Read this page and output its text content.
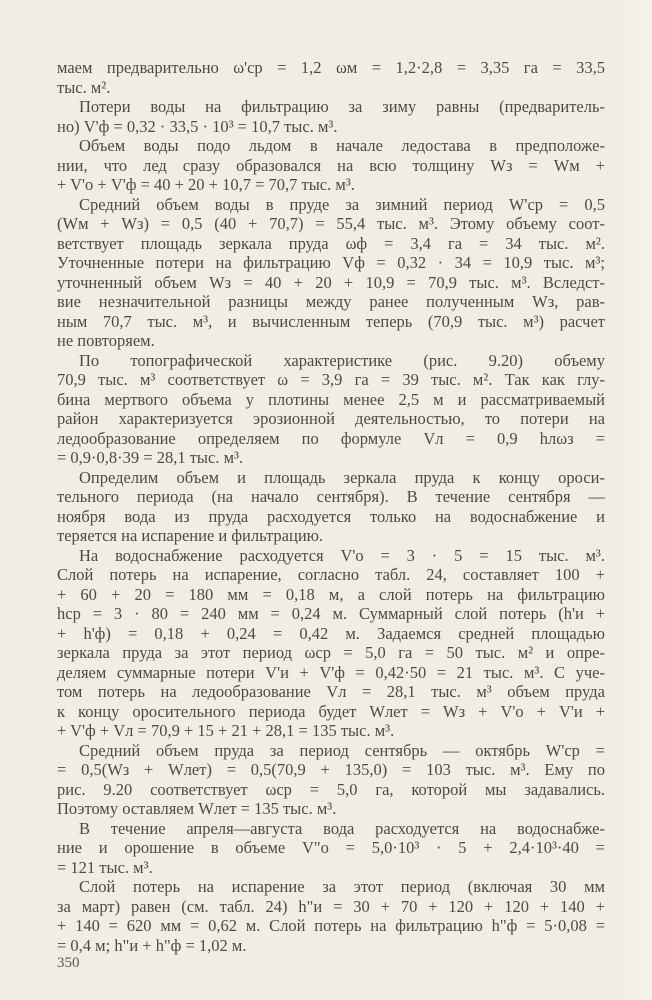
маем предварительно ω'ср = 1,2 ωм = 1,2·2,8 = 3,35 га = 33,5
тыс. м².
Потери воды на фильтрацию за зиму равны (предваритель-
но) V'ф = 0,32 · 33,5 · 10³ = 10,7 тыс. м³.
Объем воды подо льдом в начале ледостава в предположе-
нии, что лед сразу образовался на всю толщину Wз = Wм +
+ V'о + V'ф = 40 + 20 + 10,7 = 70,7 тыс. м³.
Средний объем воды в пруде за зимний период W'ср = 0,5
(Wм + Wз) = 0,5 (40 + 70,7) = 55,4 тыс. м³. Этому объему соот-
ветствует площадь зеркала пруда ωф = 3,4 га = 34 тыс. м².
Уточненные потери на фильтрацию Vф = 0,32 · 34 = 10,9 тыс. м³;
уточненный объем Wз = 40 + 20 + 10,9 = 70,9 тыс. м³. Вследст-
вие незначительной разницы между ранее полученным Wз, рав-
ным 70,7 тыс. м³, и вычисленным теперь (70,9 тыс. м³) расчет
не повторяем.
По топографической характеристике (рис. 9.20) объему
70,9 тыс. м³ соответствует ω = 3,9 га = 39 тыс. м². Так как глу-
бина мертвого объема у плотины менее 2,5 м и рассматриваемый
район характеризуется эрозионной деятельностью, то потери на
ледообразование определяем по формуле Vл = 0,9 hлωз =
= 0,9·0,8·39 = 28,1 тыс. м³.
Определим объем и площадь зеркала пруда к концу ороси-
тельного периода (на начало сентября). В течение сентября —
ноября вода из пруда расходуется только на водоснабжение и
теряется на испарение и фильтрацию.
На водоснабжение расходуется V'о = 3 · 5 = 15 тыс. м³.
Слой потерь на испарение, согласно табл. 24, составляет 100 +
+ 60 + 20 = 180 мм = 0,18 м, а слой потерь на фильтрацию
hср = 3 · 80 = 240 мм = 0,24 м. Суммарный слой потерь (h'и +
+ h'ф) = 0,18 + 0,24 = 0,42 м. Задаемся средней площадью
зеркала пруда за этот период ωср = 5,0 га = 50 тыс. м² и опре-
деляем суммарные потери V'и + V'ф = 0,42·50 = 21 тыс. м³. С уче-
том потерь на ледообразование Vл = 28,1 тыс. м³ объем пруда
к концу оросительного периода будет Wлет = Wз + V'о + V'и +
+ V'ф + Vл = 70,9 + 15 + 21 + 28,1 = 135 тыс. м³.
Средний объем пруда за период сентябрь — октябрь W'ср =
= 0,5(Wз + Wлет) = 0,5(70,9 + 135,0) = 103 тыс. м³. Ему по
рис. 9.20 соответствует ωср = 5,0 га, которой мы задавались.
Поэтому оставляем Wлет = 135 тыс. м³.
В течение апреля—августа вода расходуется на водоснабже-
ние и орошение в объеме V"о = 5,0·10³ · 5 + 2,4·10³·40 =
= 121 тыс. м³.
Слой потерь на испарение за этот период (включая 30 мм
за март) равен (см. табл. 24) h"и = 30 + 70 + 120 + 120 + 140 +
+ 140 = 620 мм = 0,62 м. Слой потерь на фильтрацию h"ф = 5·0,08 =
= 0,4 м; h"и + h"ф = 1,02 м.
350
